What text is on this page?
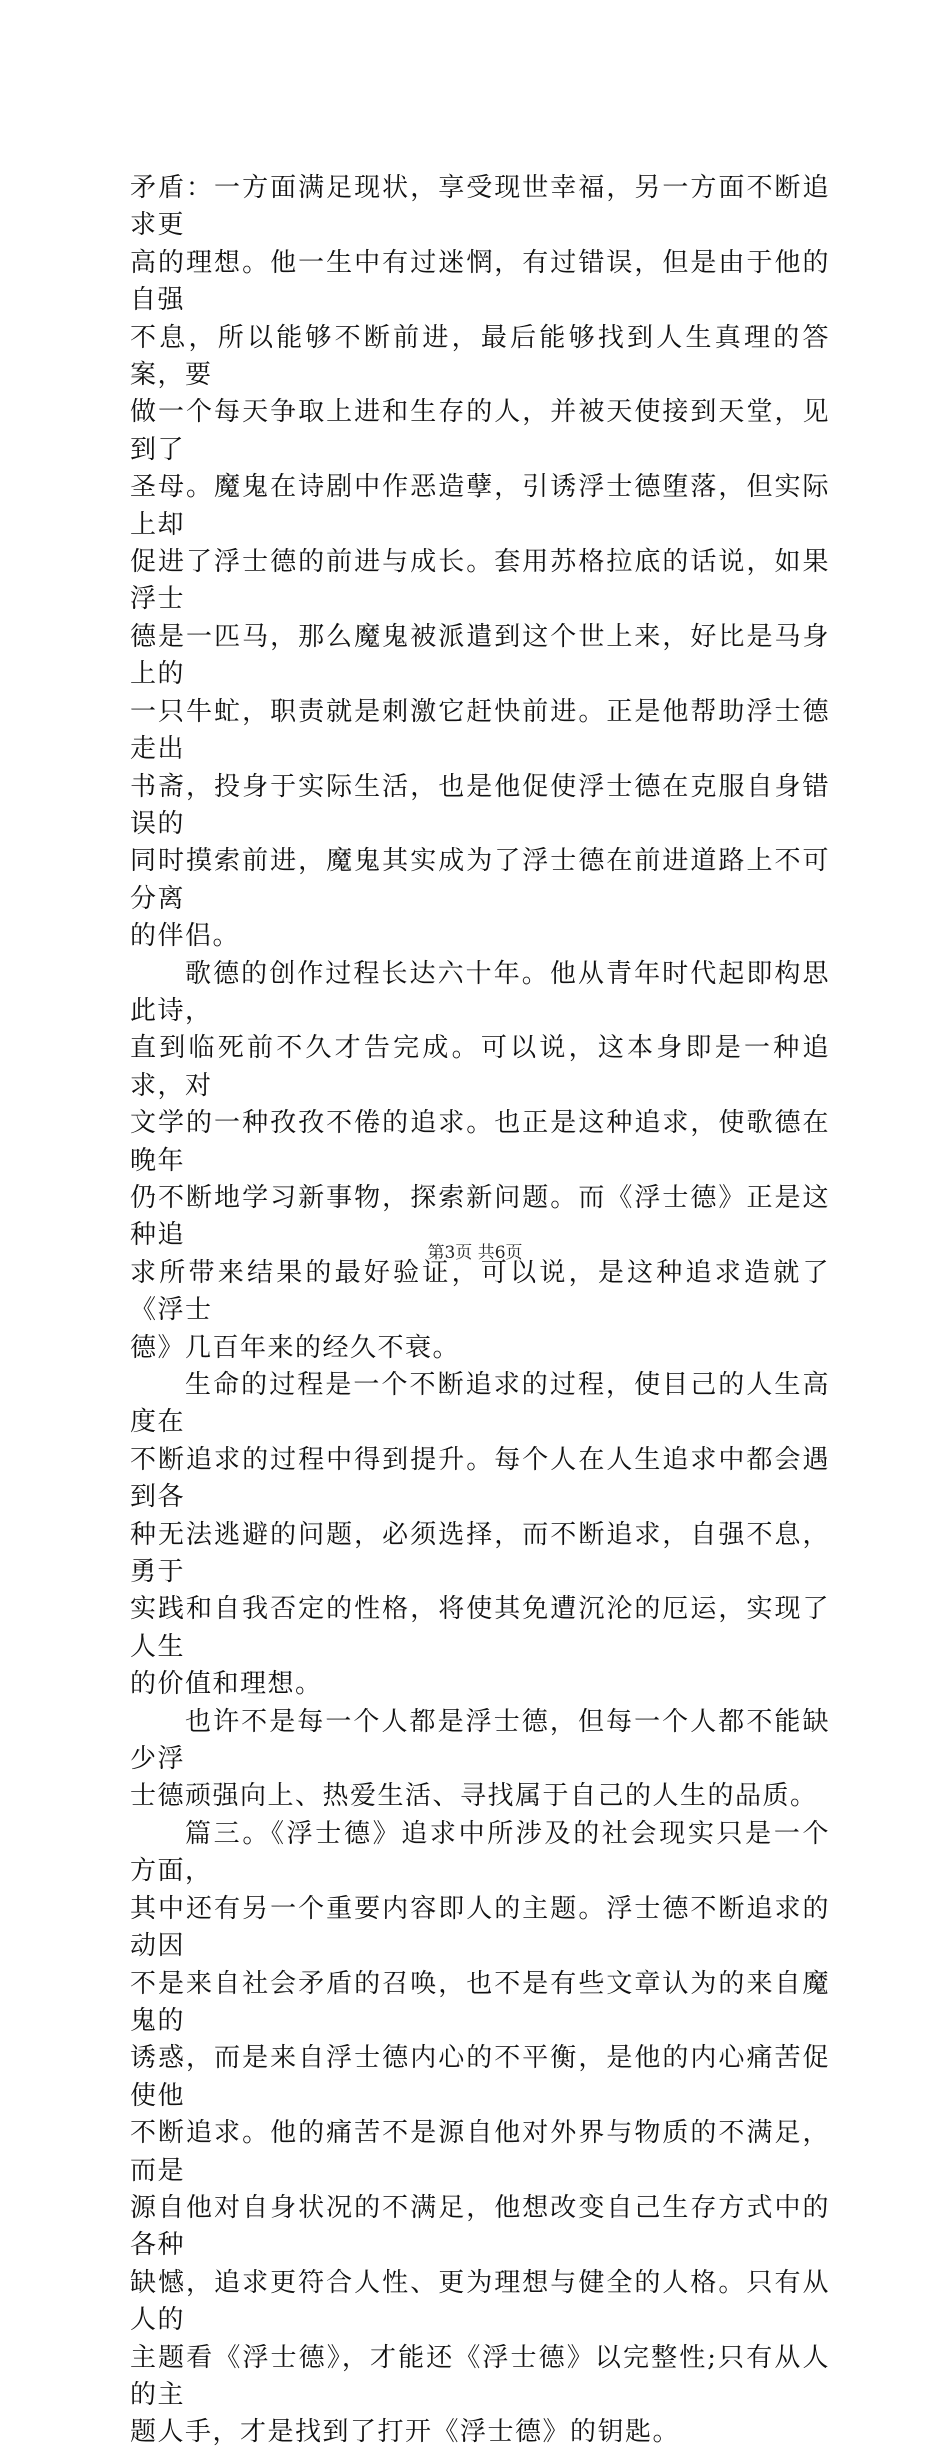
矛盾：一方面满足现状，享受现世幸福，另一方面不断追求更
高的理想。他一生中有过迷惘，有过错误，但是由于他的自强
不息，所以能够不断前进，最后能够找到人生真理的答案，要
做一个每天争取上进和生存的人，并被天使接到天堂，见到了
圣母。魔鬼在诗剧中作恶造孽，引诱浮士德堕落，但实际上却
促进了浮士德的前进与成长。套用苏格拉底的话说，如果浮士
德是一匹马，那么魔鬼被派遣到这个世上来，好比是马身上的
一只牛虻，职责就是刺激它赶快前进。正是他帮助浮士德走出
书斋，投身于实际生活，也是他促使浮士德在克服自身错误的
同时摸索前进，魔鬼其实成为了浮士德在前进道路上不可分离
的伴侣。
歌德的创作过程长达六十年。他从青年时代起即构思此诗，
直到临死前不久才告完成。可以说，这本身即是一种追求，对
文学的一种孜孜不倦的追求。也正是这种追求，使歌德在晚年
仍不断地学习新事物，探索新问题。而《浮士德》正是这种追
求所带来结果的最好验证，可以说，是这种追求造就了《浮士
德》几百年来的经久不衰。
生命的过程是一个不断追求的过程，使目己的人生高度在
不断追求的过程中得到提升。每个人在人生追求中都会遇到各
种无法逃避的问题，必须选择，而不断追求，自强不息，勇于
实践和自我否定的性格，将使其免遭沉沦的厄运，实现了人生
的价值和理想。
也许不是每一个人都是浮士德，但每一个人都不能缺少浮
士德顽强向上、热爱生活、寻找属于自己的人生的品质。
篇三。《浮士德》追求中所涉及的社会现实只是一个方面，
其中还有另一个重要内容即人的主题。浮士德不断追求的动因
不是来自社会矛盾的召唤，也不是有些文章认为的来自魔鬼的
诱惑，而是来自浮士德内心的不平衡，是他的内心痛苦促使他
不断追求。他的痛苦不是源自他对外界与物质的不满足，而是
源自他对自身状况的不满足，他想改变自己生存方式中的各种
缺憾，追求更符合人性、更为理想与健全的人格。只有从人的
主题看《浮士德》，才能还《浮士德》以完整性;只有从人的主
题人手，才是找到了打开《浮士德》的钥匙。
第3页 共6页
